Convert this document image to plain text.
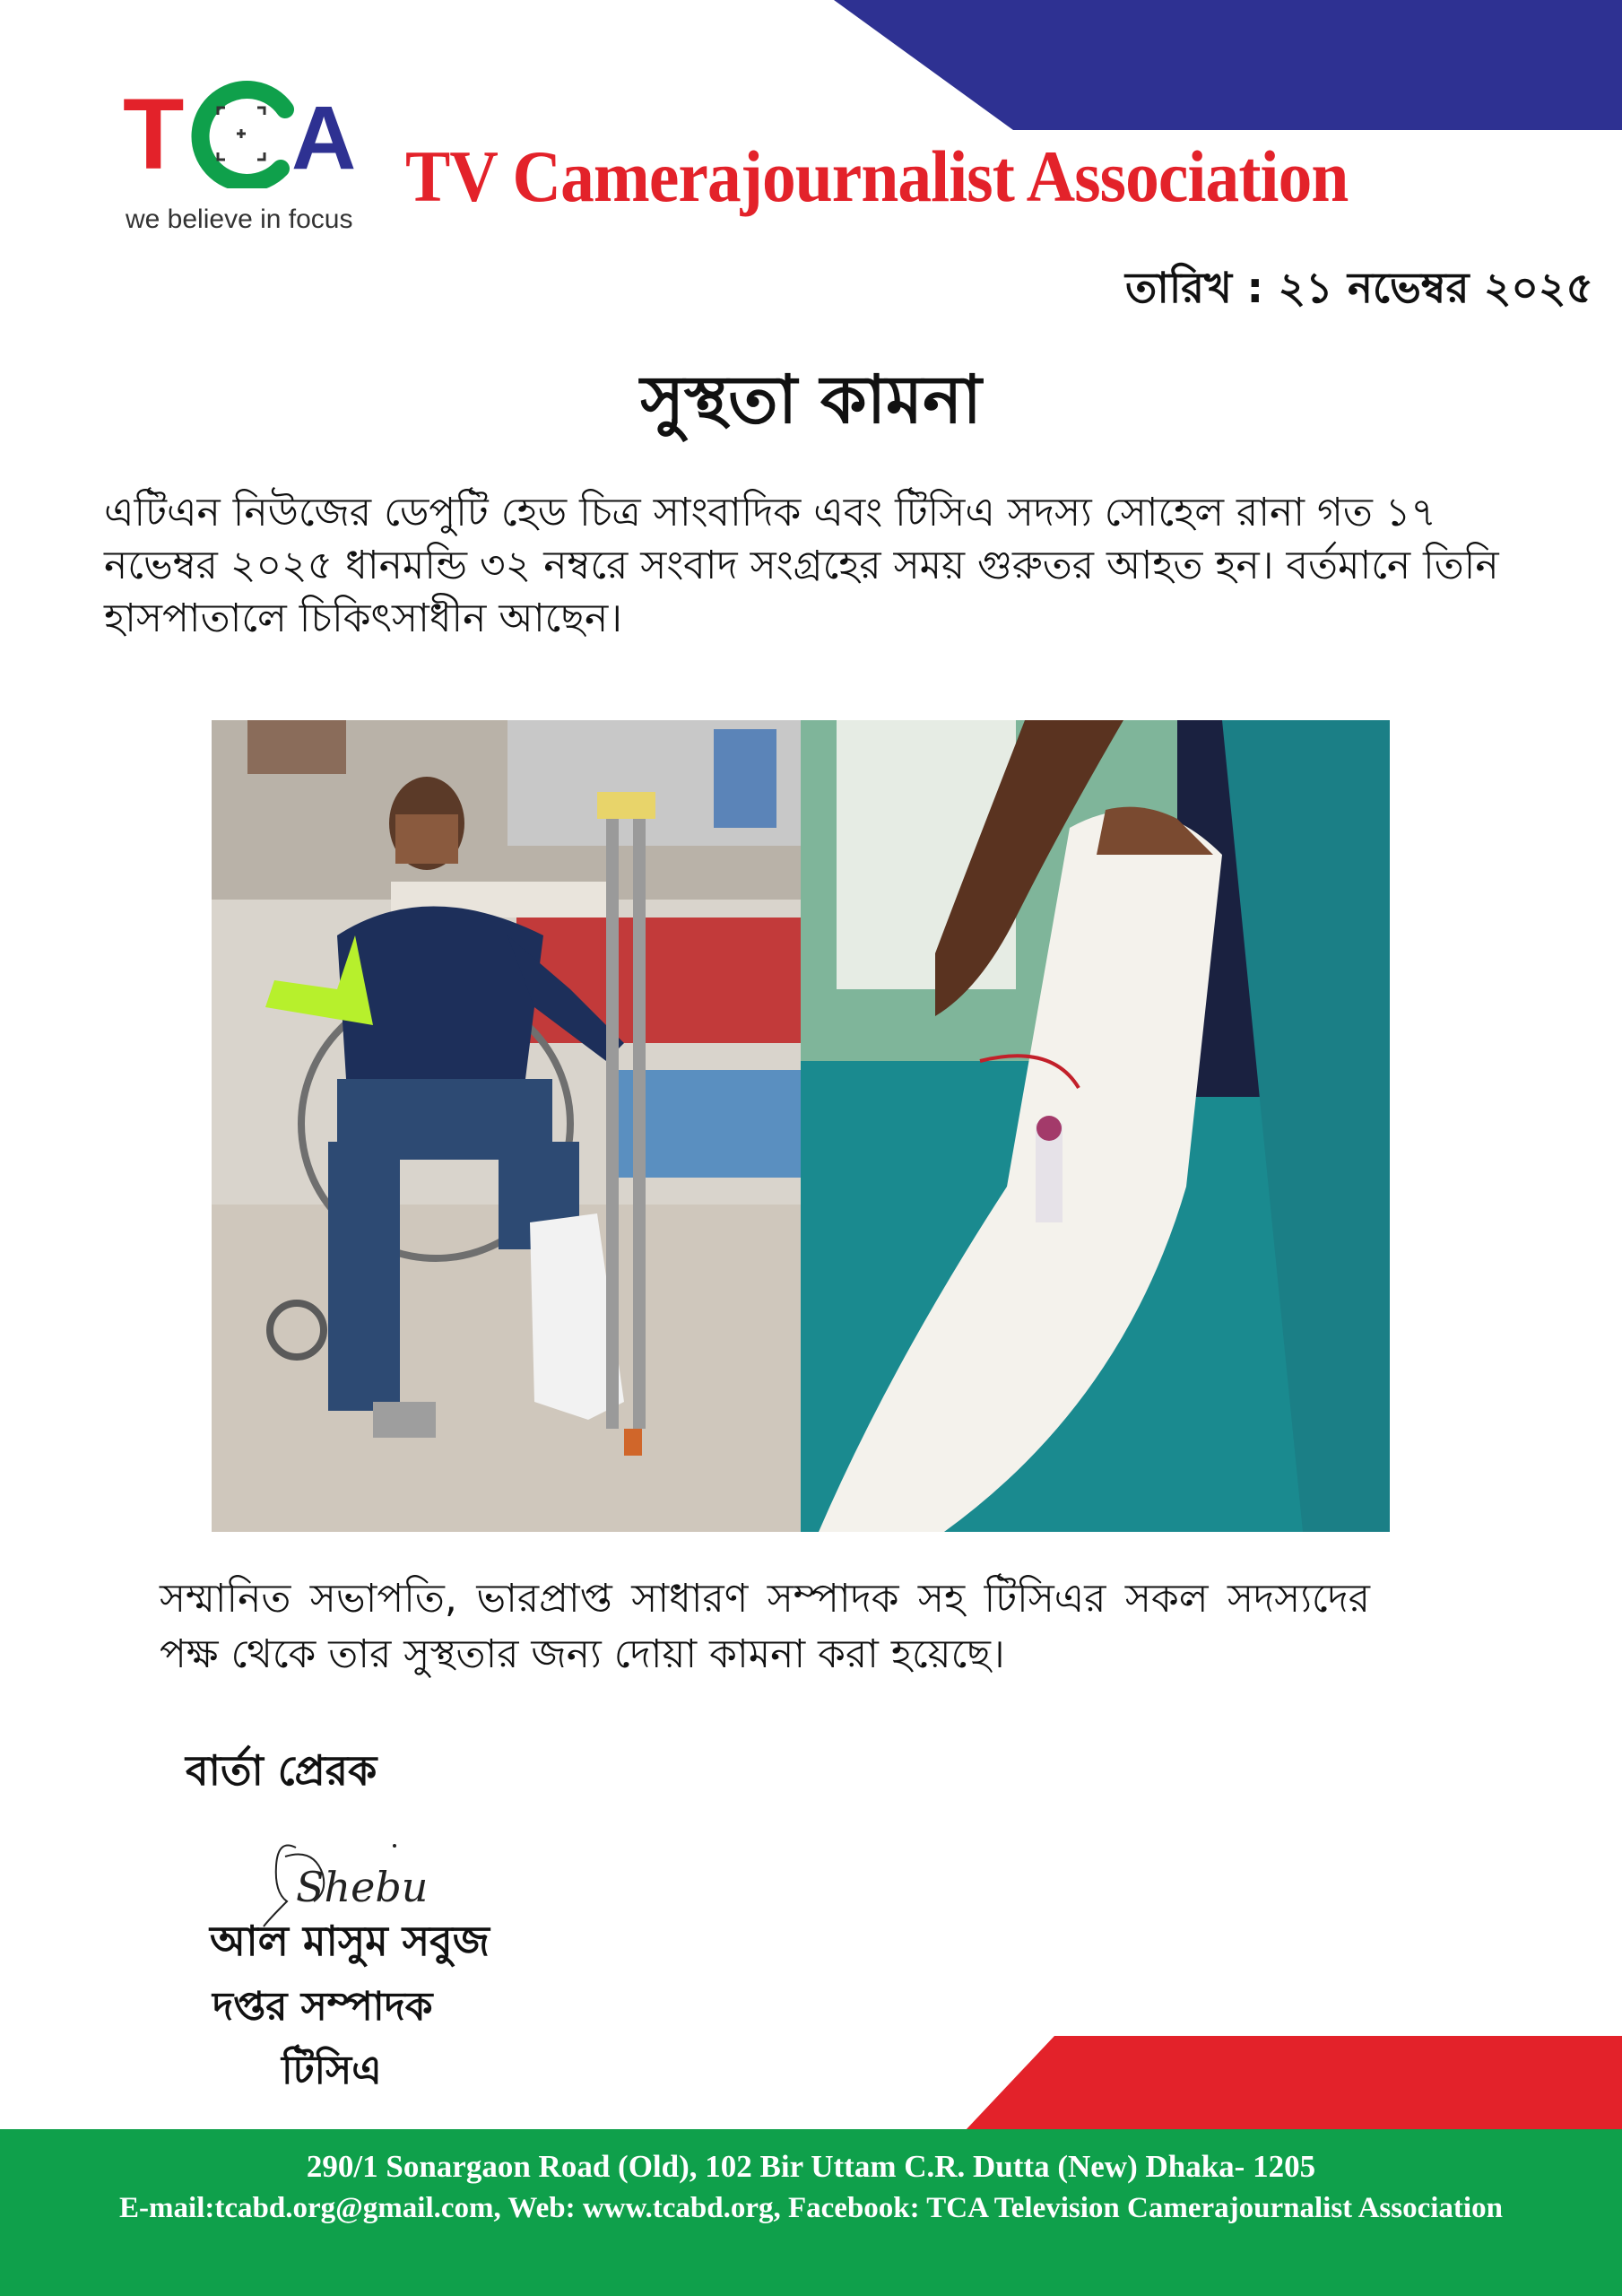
T A
we believe in focus
TV Camerajournalist Association
তারিখ : ২১ নভেম্বর ২০২৫
সুস্থতা কামনা
এটিএন নিউজের ডেপুটি হেড চিত্র সাংবাদিক এবং টিসিএ সদস্য সোহেল রানা গত ১৭ নভেম্বর ২০২৫ ধানমন্ডি ৩২ নম্বরে সংবাদ সংগ্রহের সময় গুরুতর আহত হন। বর্তমানে তিনি হাসপাতালে চিকিৎসাধীন আছেন।
সম্মানিত সভাপতি, ভারপ্রাপ্ত সাধারণ সম্পাদক সহ টিসিএর সকল সদস্যদের পক্ষ থেকে তার সুস্থতার জন্য দোয়া কামনা করা হয়েছে।
বার্তা প্রেরক
Shebu
আল মাসুম সবুজ
দপ্তর সম্পাদক
টিসিএ
290/1 Sonargaon Road (Old), 102 Bir Uttam C.R. Dutta (New) Dhaka- 1205
E-mail:tcabd.org@gmail.com, Web: www.tcabd.org, Facebook: TCA Television Camerajournalist Association
